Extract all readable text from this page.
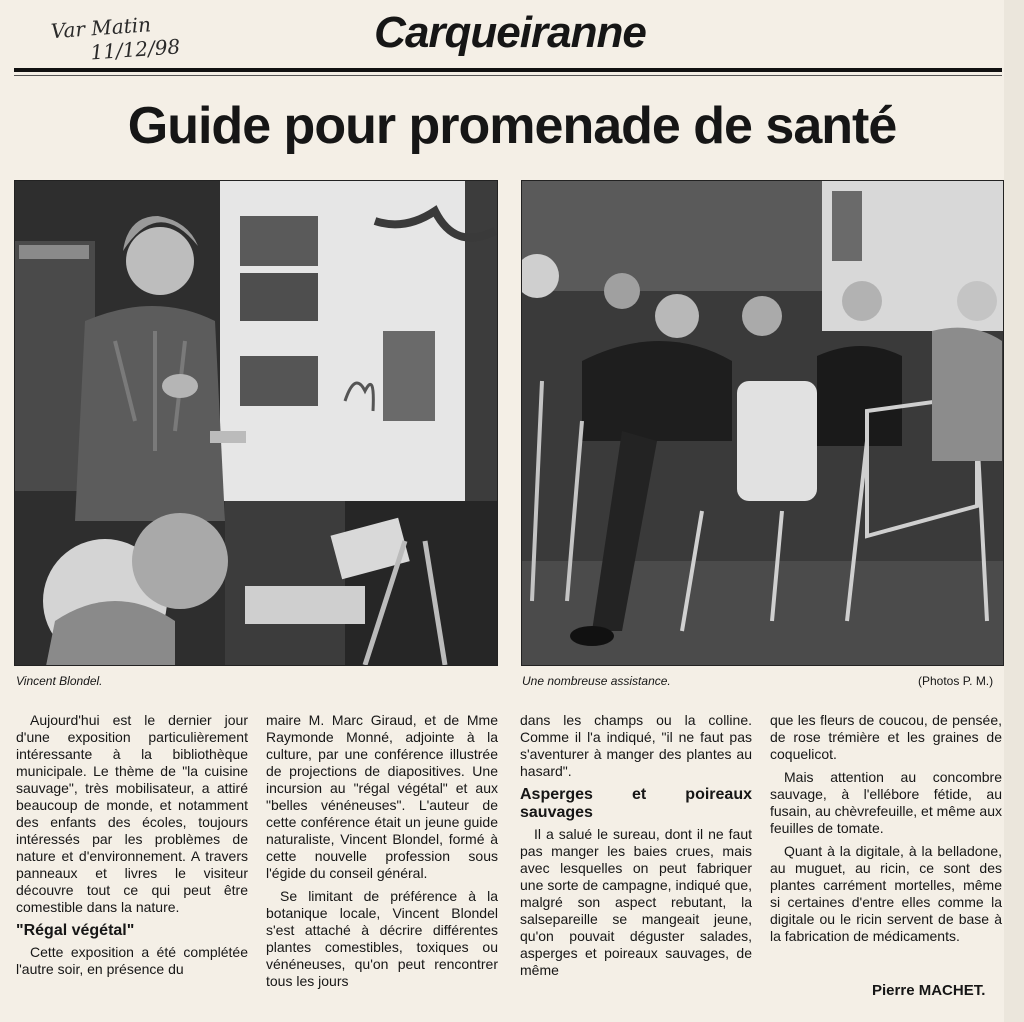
Var Matin
11/12/98	Carqueiranne
Guide pour promenade de santé
Vincent Blondel.	Une nombreuse assistance.	(Photos P. M.)

Aujourd'hui est le dernier jour d'une exposition particulièrement intéressante à la bibliothèque municipale. Le thème de "la cuisine sauvage", très mobilisateur, a attiré beaucoup de monde, et notamment des enfants des écoles, toujours intéressés par les problèmes de nature et d'environnement. A travers panneaux et livres le visiteur découvre tout ce qui peut être comestible dans la nature.

"Régal végétal"

Cette exposition a été complétée l'autre soir, en présence du

maire M. Marc Giraud, et de Mme Raymonde Monné, adjointe à la culture, par une conférence illustrée de projections de diapositives. Une incursion au "régal végétal" et aux "belles vénéneuses". L'auteur de cette conférence était un jeune guide naturaliste, Vincent Blondel, formé à cette nouvelle profession sous l'égide du conseil général.

Se limitant de préférence à la botanique locale, Vincent Blondel s'est attaché à décrire différentes plantes comestibles, toxiques ou vénéneuses, qu'on peut rencontrer tous les jours

dans les champs ou la colline. Comme il l'a indiqué, "il ne faut pas s'aventurer à manger des plantes au hasard".

Asperges et poireaux sauvages

Il a salué le sureau, dont il ne faut pas manger les baies crues, mais avec lesquelles on peut fabriquer une sorte de campagne, indiqué que, malgré son aspect rebutant, la salsepareille se mangeait jeune, qu'on pouvait déguster salades, asperges et poireaux sauvages, de même

que les fleurs de coucou, de pensée, de rose trémière et les graines de coquelicot.

Mais attention au concombre sauvage, à l'ellébore fétide, au fusain, au chèvrefeuille, et même aux feuilles de tomate.

Quant à la digitale, à la belladone, au muguet, au ricin, ce sont des plantes carrément mortelles, même si certaines d'entre elles comme la digitale ou le ricin servent de base à la fabrication de médicaments.

Pierre MACHET.
